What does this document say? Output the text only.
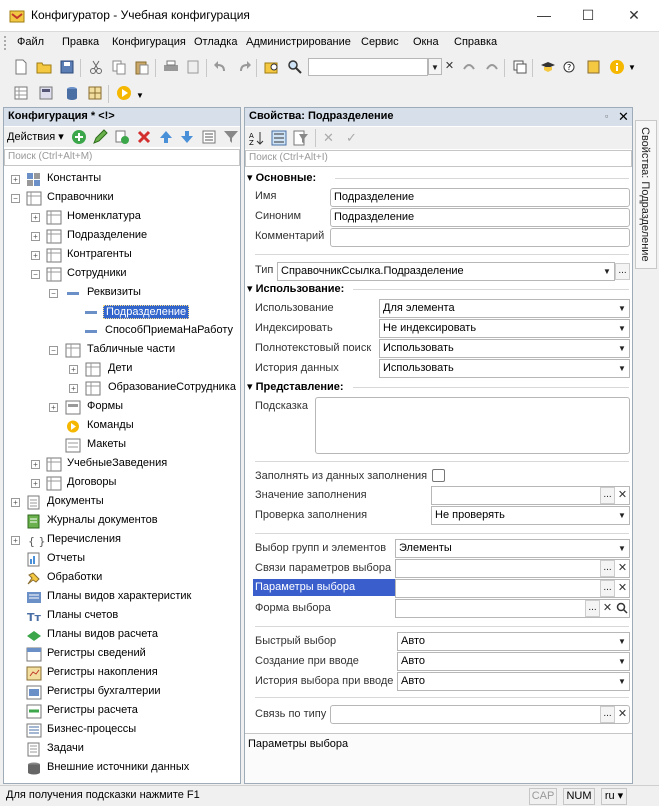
Конфигуратор - Учебная конфигурация	—	☐	✕
Файл Правка Конфигурация Отладка Администрирование Сервис Окна Справка
▼ ✕	?	▼
▼
Конфигурация * <!>
Действия ▾
Поиск (Ctrl+Alt+M)
+	Константы
−	Справочники
+	Номенклатура
+	Подразделение
+	Контрагенты
−	Сотрудники
−	Реквизиты
Подразделение
СпособПриемаНаРаботу
−	Табличные части
+	Дети
+	ОбразованиеСотрудника
+	Формы
Команды
Макеты
+	УчебныеЗаведения
+	Договоры
+	Документы
Журналы документов
+ { } Перечисления
Отчеты
Обработки
Планы видов характеристик
Тт Планы счетов
Планы видов расчета
Регистры сведений
Регистры накопления
Регистры бухгалтерии
Регистры расчета
Бизнес-процессы
Задачи
Внешние источники данных
Свойства: Подразделение	▫ ✕
A
Z	✕ ✓
Поиск (Ctrl+Alt+I)
▾ Основные:
Имя	Подразделение
Синоним	Подразделение
Комментарий
Тип СправочникСсылка.Подразделение	▼ ...
▾ Использование:
Использование	Для элемента	▼
Индексировать	Не индексировать	▼
Полнотекстовый поиск	Использовать	▼
История данных	Использовать	▼
▾ Представление:
Подсказка
Заполнять из данных заполнения
Значение заполнения	... ✕
Проверка заполнения	Не проверять	▼
Выбор групп и элементов	Элементы	▼
Связи параметров выбора	... ✕
Параметры выбора	... ✕
Форма выбора	... ✕
Быстрый выбор	Авто	▼
Создание при вводе	Авто	▼
История выбора при вводе Авто	▼
Связь по типу	... ✕
Параметры выбора
Свойства: Подразделение
Для получения подсказки нажмите F1	CAP	NUM	ru ▾
